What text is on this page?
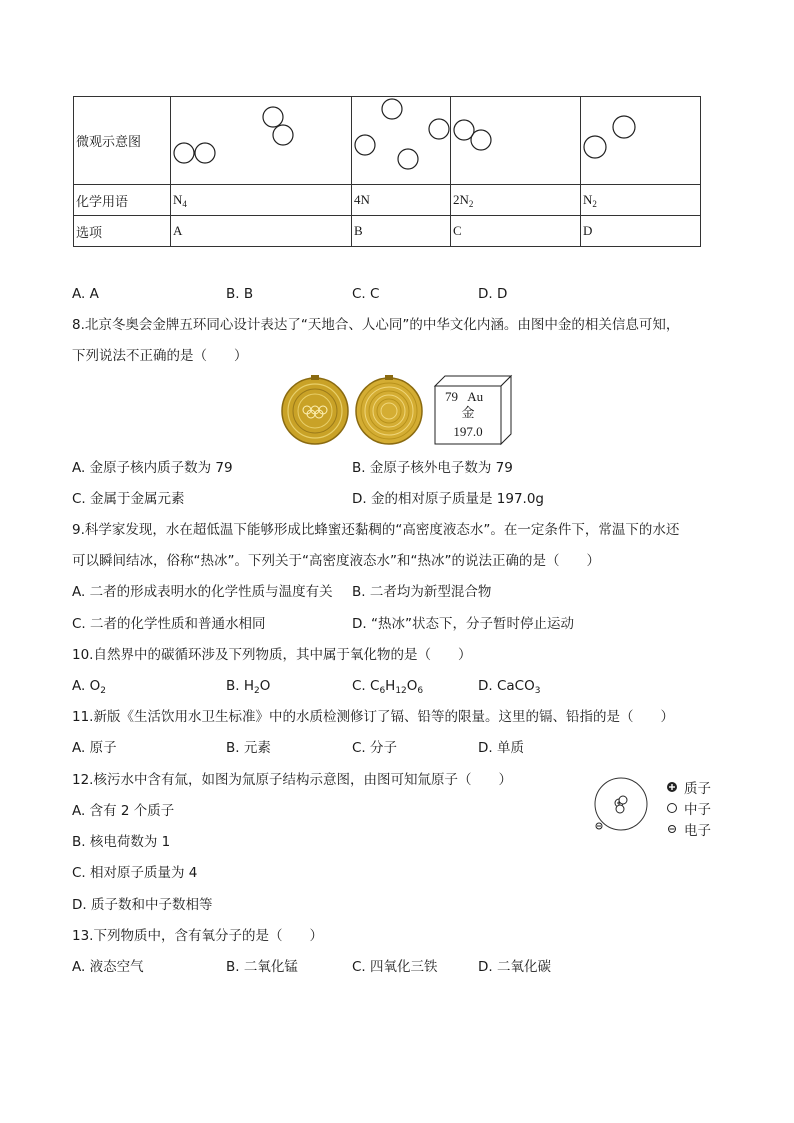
微观示意图	

化学用语	$N_4$	4N	$2N_2$	$N_2$
选项	A	B	C	D
A. A	B. B	C. C	D. D
8.北京冬奥会金牌五环同心设计表达了“天地合、人心同”的中华文化内涵。由图中金的相关信息可知，
下列说法不正确的是（　　）
79 Au
金
197.0
A. 金原子核内质子数为 79	B. 金原子核外电子数为 79
C. 金属于金属元素	D. 金的相对原子质量是 197.0g
9.科学家发现，水在超低温下能够形成比蜂蜜还黏稠的“高密度液态水”。在一定条件下，常温下的水还
可以瞬间结冰，俗称“热冰”。下列关于“高密度液态水”和“热冰”的说法正确的是（　　）
A. 二者的形成表明水的化学性质与温度有关 B. 二者均为新型混合物
C. 二者的化学性质和普通水相同	D. “热冰”状态下，分子暂时停止运动
10.自然界中的碳循环涉及下列物质，其中属于氧化物的是（　　）
A. $O_2$	B. $H_2O$	C. $C_6H_{12}O_6$	D. CaCO$_3$
11.新版《生活饮用水卫生标准》中的水质检测修订了镉、铅等的限量。这里的镉、铅指的是（　　）
A. 原子	B. 元素	C. 分子	D. 单质
12.核污水中含有氚，如图为氚原子结构示意图，由图可知氚原子（　　）
A. 含有 2 个质子
B. 核电荷数为 1
C. 相对原子质量为 4
D. 质子数和中子数相等
质子
中子
电子
13.下列物质中，含有氧分子的是（　　）
A. 液态空气	B. 二氧化锰	C. 四氧化三铁	D. 二氧化碳
